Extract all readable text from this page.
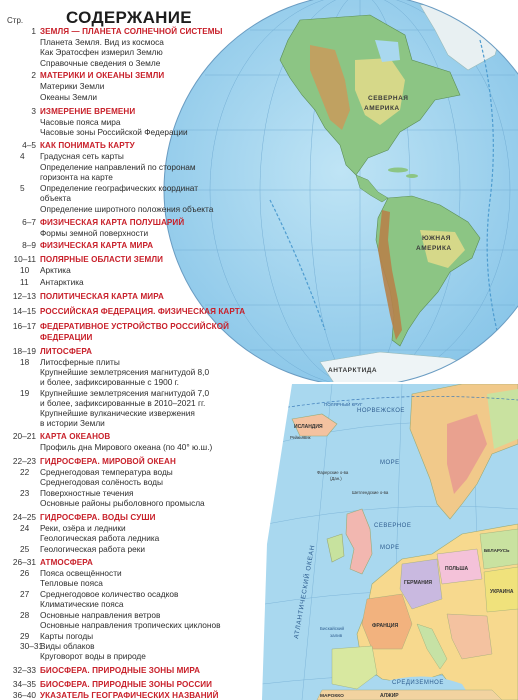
СЕВЕРНАЯ
АМЕРИКА
ЮЖНАЯ
АМЕРИКА
АНТАРКТИДА
ПОЛЯРНЫЙ КРУГ
ИСЛАНДИЯ
Рейкьявик
НОРВЕЖСКОЕ
МОРЕ
Фарерские о-ва
(Дан.)
Шетлендские о-ва
СЕВЕРНОЕ
МОРЕ
АТЛАНТИЧЕСКИЙ ОКЕАН	ПОЛЬША
БЕЛАРУСЬ
УКРАИНА
ГЕРМАНИЯ
ФРАНЦИЯ
Бискайский
залив
СРЕДИЗЕМНОЕ
АЛЖИР
МАРОККО
СОДЕРЖАНИЕ
Стр.
1 ЗЕМЛЯ — ПЛАНЕТА СОЛНЕЧНОЙ СИСТЕМЫ
Планета Земля. Вид из космоса
Как Эратосфен измерил Землю
Справочные сведения о Земле
2 МАТЕРИКИ И ОКЕАНЫ ЗЕМЛИ
Материки Земли
Океаны Земли
3 ИЗМЕРЕНИЕ ВРЕМЕНИ
Часовые пояса мира
Часовые зоны Российской Федерации
4–5 КАК ПОНИМАТЬ КАРТУ
4	Градусная сеть карты
Определение направлений по сторонам
горизонта на карте
5	Определение географических координат
объекта
Определение широтного положения объекта
6–7 ФИЗИЧЕСКАЯ КАРТА ПОЛУШАРИЙ
Формы земной поверхности
8–9 ФИЗИЧЕСКАЯ КАРТА МИРА
10–11 ПОЛЯРНЫЕ ОБЛАСТИ ЗЕМЛИ
10	Арктика
11	Антарктика
12–13 ПОЛИТИЧЕСКАЯ КАРТА МИРА
14–15 РОССИЙСКАЯ ФЕДЕРАЦИЯ. ФИЗИЧЕСКАЯ КАРТА
16–17 ФЕДЕРАТИВНОЕ УСТРОЙСТВО РОССИЙСКОЙ
ФЕДЕРАЦИИ
18–19 ЛИТОСФЕРА
18	Литосферные плиты
Крупнейшие землетрясения магнитудой 8,0
и более, зафиксированные с 1900 г.
19	Крупнейшие землетрясения магнитудой 7,0
и более, зафиксированные в 2010–2021 гг.
Крупнейшие вулканические извержения
в истории Земли
20–21 КАРТА ОКЕАНОВ
Профиль дна Мирового океана (по 40° ю.ш.)
22–23 ГИДРОСФЕРА. МИРОВОЙ ОКЕАН
22	Среднегодовая температура воды
Среднегодовая солёность воды
23	Поверхностные течения
Основные районы рыболовного промысла
24–25 ГИДРОСФЕРА. ВОДЫ СУШИ
24	Реки, озёра и ледники
Геологическая работа ледника
25	Геологическая работа реки
26–31 АТМОСФЕРА
26	Пояса освещённости
Тепловые пояса
27	Среднегодовое количество осадков
Климатические пояса
28	Основные направления ветров
Основные направления тропических циклонов
29	Карты погоды
30–31
Виды облаков
Круговорот воды в природе
32–33 БИОСФЕРА. ПРИРОДНЫЕ ЗОНЫ МИРА
34–35 БИОСФЕРА. ПРИРОДНЫЕ ЗОНЫ РОССИИ
36–40 УКАЗАТЕЛЬ ГЕОГРАФИЧЕСКИХ НАЗВАНИЙ
